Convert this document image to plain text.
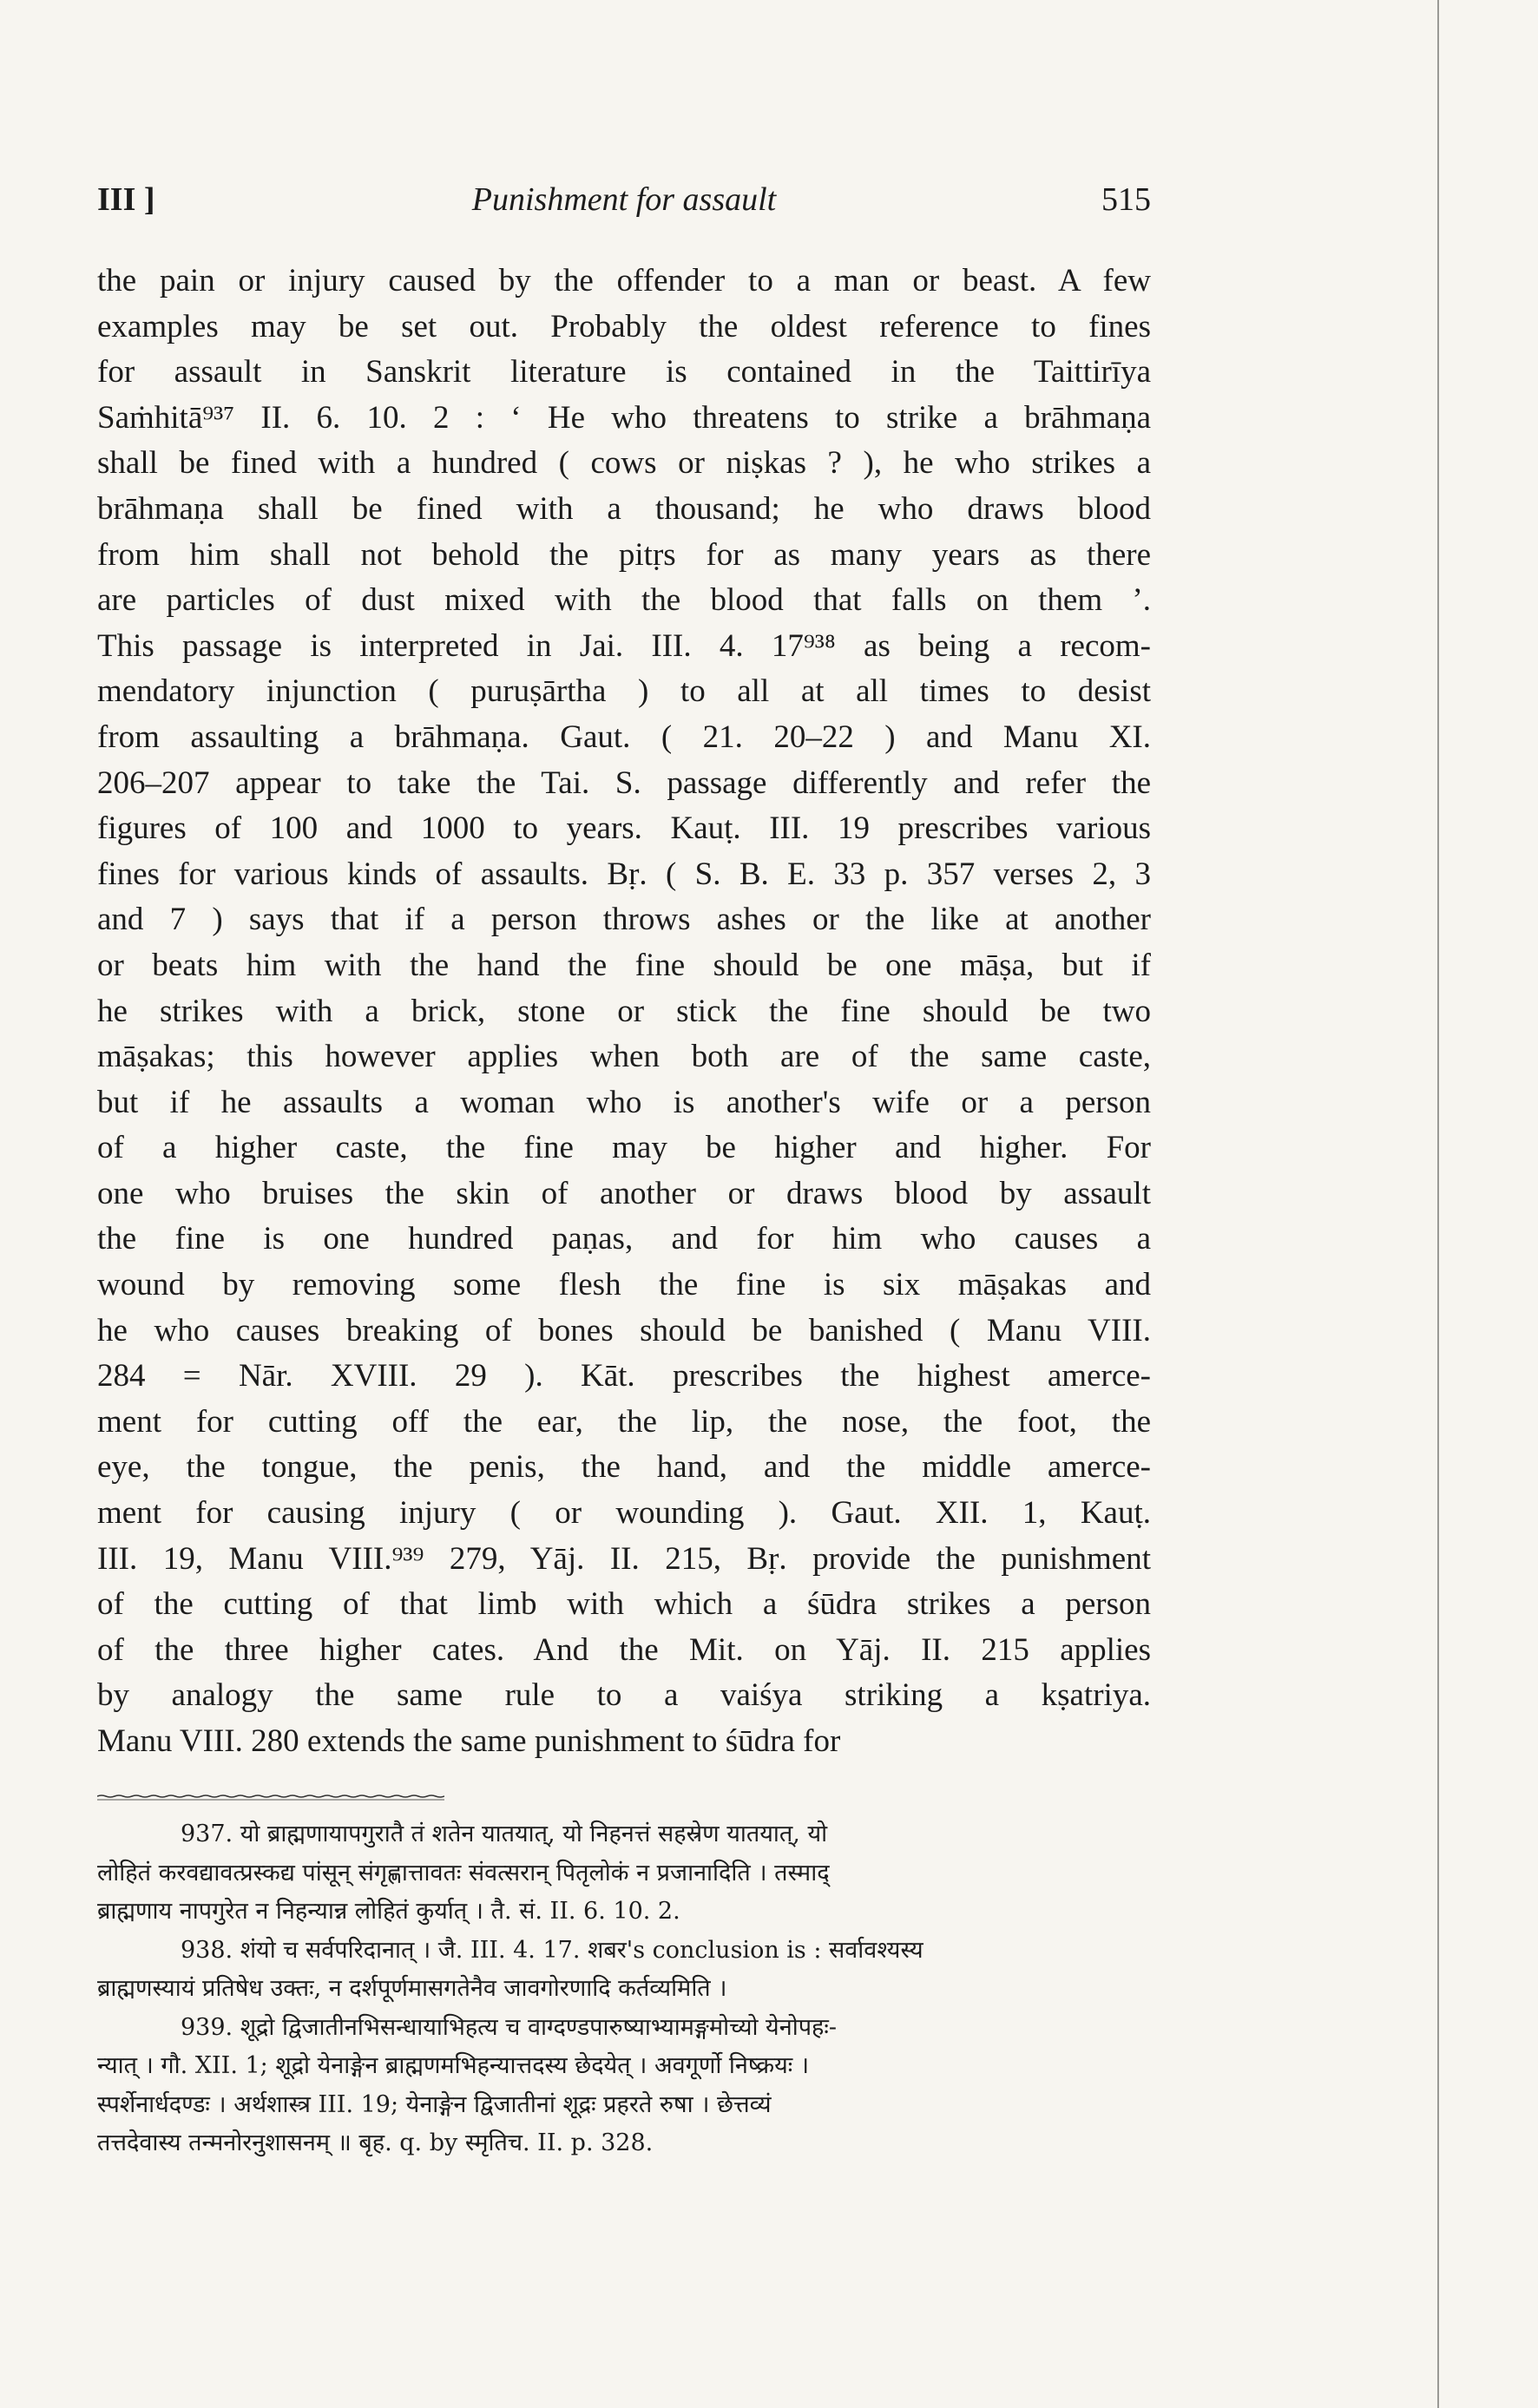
III ]	Punishment for assault	515
the pain or injury caused by the offender to a man or beast. A few
examples may be set out. Probably the oldest reference to fines
for assault in Sanskrit literature is contained in the Taittirīya
Saṁhitā⁹³⁷ II. 6. 10. 2 : ‘ He who threatens to strike a brāhmaṇa
shall be fined with a hundred ( cows or niṣkas ? ), he who strikes a
brāhmaṇa shall be fined with a thousand; he who draws blood
from him shall not behold the pitṛs for as many years as there
are particles of dust mixed with the blood that falls on them ’.
This passage is interpreted in Jai. III. 4. 17⁹³⁸ as being a recom-
mendatory injunction ( puruṣārtha ) to all at all times to desist
from assaulting a brāhmaṇa. Gaut. ( 21. 20–22 ) and Manu XI.
206–207 appear to take the Tai. S. passage differently and refer the
figures of 100 and 1000 to years. Kauṭ. III. 19 prescribes various
fines for various kinds of assaults. Bṛ. ( S. B. E. 33 p. 357 verses 2, 3
and 7 ) says that if a person throws ashes or the like at another
or beats him with the hand the fine should be one māṣa, but if
he strikes with a brick, stone or stick the fine should be two
māṣakas; this however applies when both are of the same caste,
but if he assaults a woman who is another's wife or a person
of a higher caste, the fine may be higher and higher. For
one who bruises the skin of another or draws blood by assault
the fine is one hundred paṇas, and for him who causes a
wound by removing some flesh the fine is six māṣakas and
he who causes breaking of bones should be banished ( Manu VIII.
284 = Nār. XVIII. 29 ). Kāt. prescribes the highest amerce-
ment for cutting off the ear, the lip, the nose, the foot, the
eye, the tongue, the penis, the hand, and the middle amerce-
ment for causing injury ( or wounding ). Gaut. XII. 1, Kauṭ.
III. 19, Manu VIII.⁹³⁹ 279, Yāj. II. 215, Bṛ. provide the punishment
of the cutting of that limb with which a śūdra strikes a person
of the three higher cates. And the Mit. on Yāj. II. 215 applies
by analogy the same rule to a vaiśya striking a kṣatriya.
Manu VIII. 280 extends the same punishment to śūdra for
937. यो ब्राह्मणायापगुरातै तं शतेन यातयात्, यो निहनत्तं सहस्रेण यातयात्, यो
लोहितं करवद्यावत्प्रस्कद्य पांसून् संगृह्णात्तावतः संवत्सरान् पितृलोकं न प्रजानादिति । तस्माद्
ब्राह्मणाय नापगुरेत न निहन्यान्न लोहितं कुर्यात् । तै. सं. II. 6. 10. 2.
938. शंयो च सर्वपरिदानात् । जै. III. 4. 17. शबर's conclusion is : सर्वावश्यस्य
ब्राह्मणस्यायं प्रतिषेध उक्तः, न दर्शपूर्णमासगतेनैव जावगोरणादि कर्तव्यमिति ।
939. शूद्रो द्विजातीनभिसन्धायाभिहत्य च वाग्दण्डपारुष्याभ्यामङ्गमोच्यो येनोपहः-
न्यात् । गौ. XII. 1; शूद्रो येनाङ्गेन ब्राह्मणमभिहन्यात्तदस्य छेदयेत् । अवगूर्णो निष्क्रयः ।
स्पर्शेनार्धदण्डः । अर्थशास्त्र III. 19; येनाङ्गेन द्विजातीनां शूद्रः प्रहरते रुषा । छेत्तव्यं
तत्तदेवास्य तन्मनोरनुशासनम् ॥ बृह. q. by स्मृतिच. II. p. 328.
